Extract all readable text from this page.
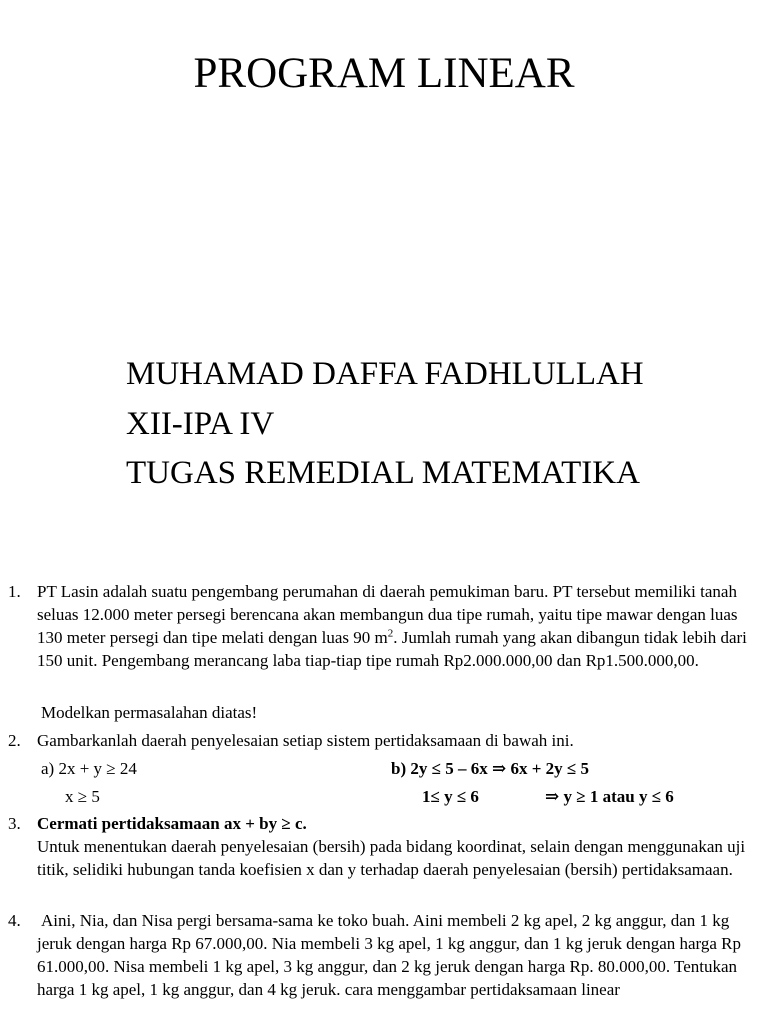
PROGRAM LINEAR
MUHAMAD DAFFA FADHLULLAH
XII-IPA IV
TUGAS REMEDIAL MATEMATIKA
1. PT Lasin adalah suatu pengembang perumahan di daerah pemukiman baru. PT tersebut memiliki tanah seluas 12.000 meter persegi berencana akan membangun dua tipe rumah, yaitu tipe mawar dengan luas 130 meter persegi dan tipe melati dengan luas 90 $m^2$. Jumlah rumah yang akan dibangun tidak lebih dari 150 unit. Pengembang merancang laba tiap-tiap tipe rumah Rp2.000.000,00 dan Rp1.500.000,00.
Modelkan permasalahan diatas!
2. Gambarkanlah daerah penyelesaian setiap sistem pertidaksamaan di bawah ini.
a) 2x + y ≥ 24
x ≥ 5
b) 2y ≤ 5 – 6x ⇒ 6x + 2y ≤ 5
1≤ y ≤ 6	⇒ y ≥ 1 atau y ≤ 6
3. Cermati pertidaksamaan ax + by ≥ c.
Untuk menentukan daerah penyelesaian (bersih) pada bidang koordinat, selain dengan menggunakan uji titik, selidiki hubungan tanda koefisien x dan y terhadap daerah penyelesaian (bersih) pertidaksamaan.
4. Aini, Nia, dan Nisa pergi bersama-sama ke toko buah. Aini membeli 2 kg apel, 2 kg anggur, dan 1 kg jeruk dengan harga Rp 67.000,00. Nia membeli 3 kg apel, 1 kg anggur, dan 1 kg jeruk dengan harga Rp 61.000,00. Nisa membeli 1 kg apel, 3 kg anggur, dan 2 kg jeruk dengan harga Rp. 80.000,00. Tentukan harga 1 kg apel, 1 kg anggur, dan 4 kg jeruk. cara menggambar pertidaksamaan linear
